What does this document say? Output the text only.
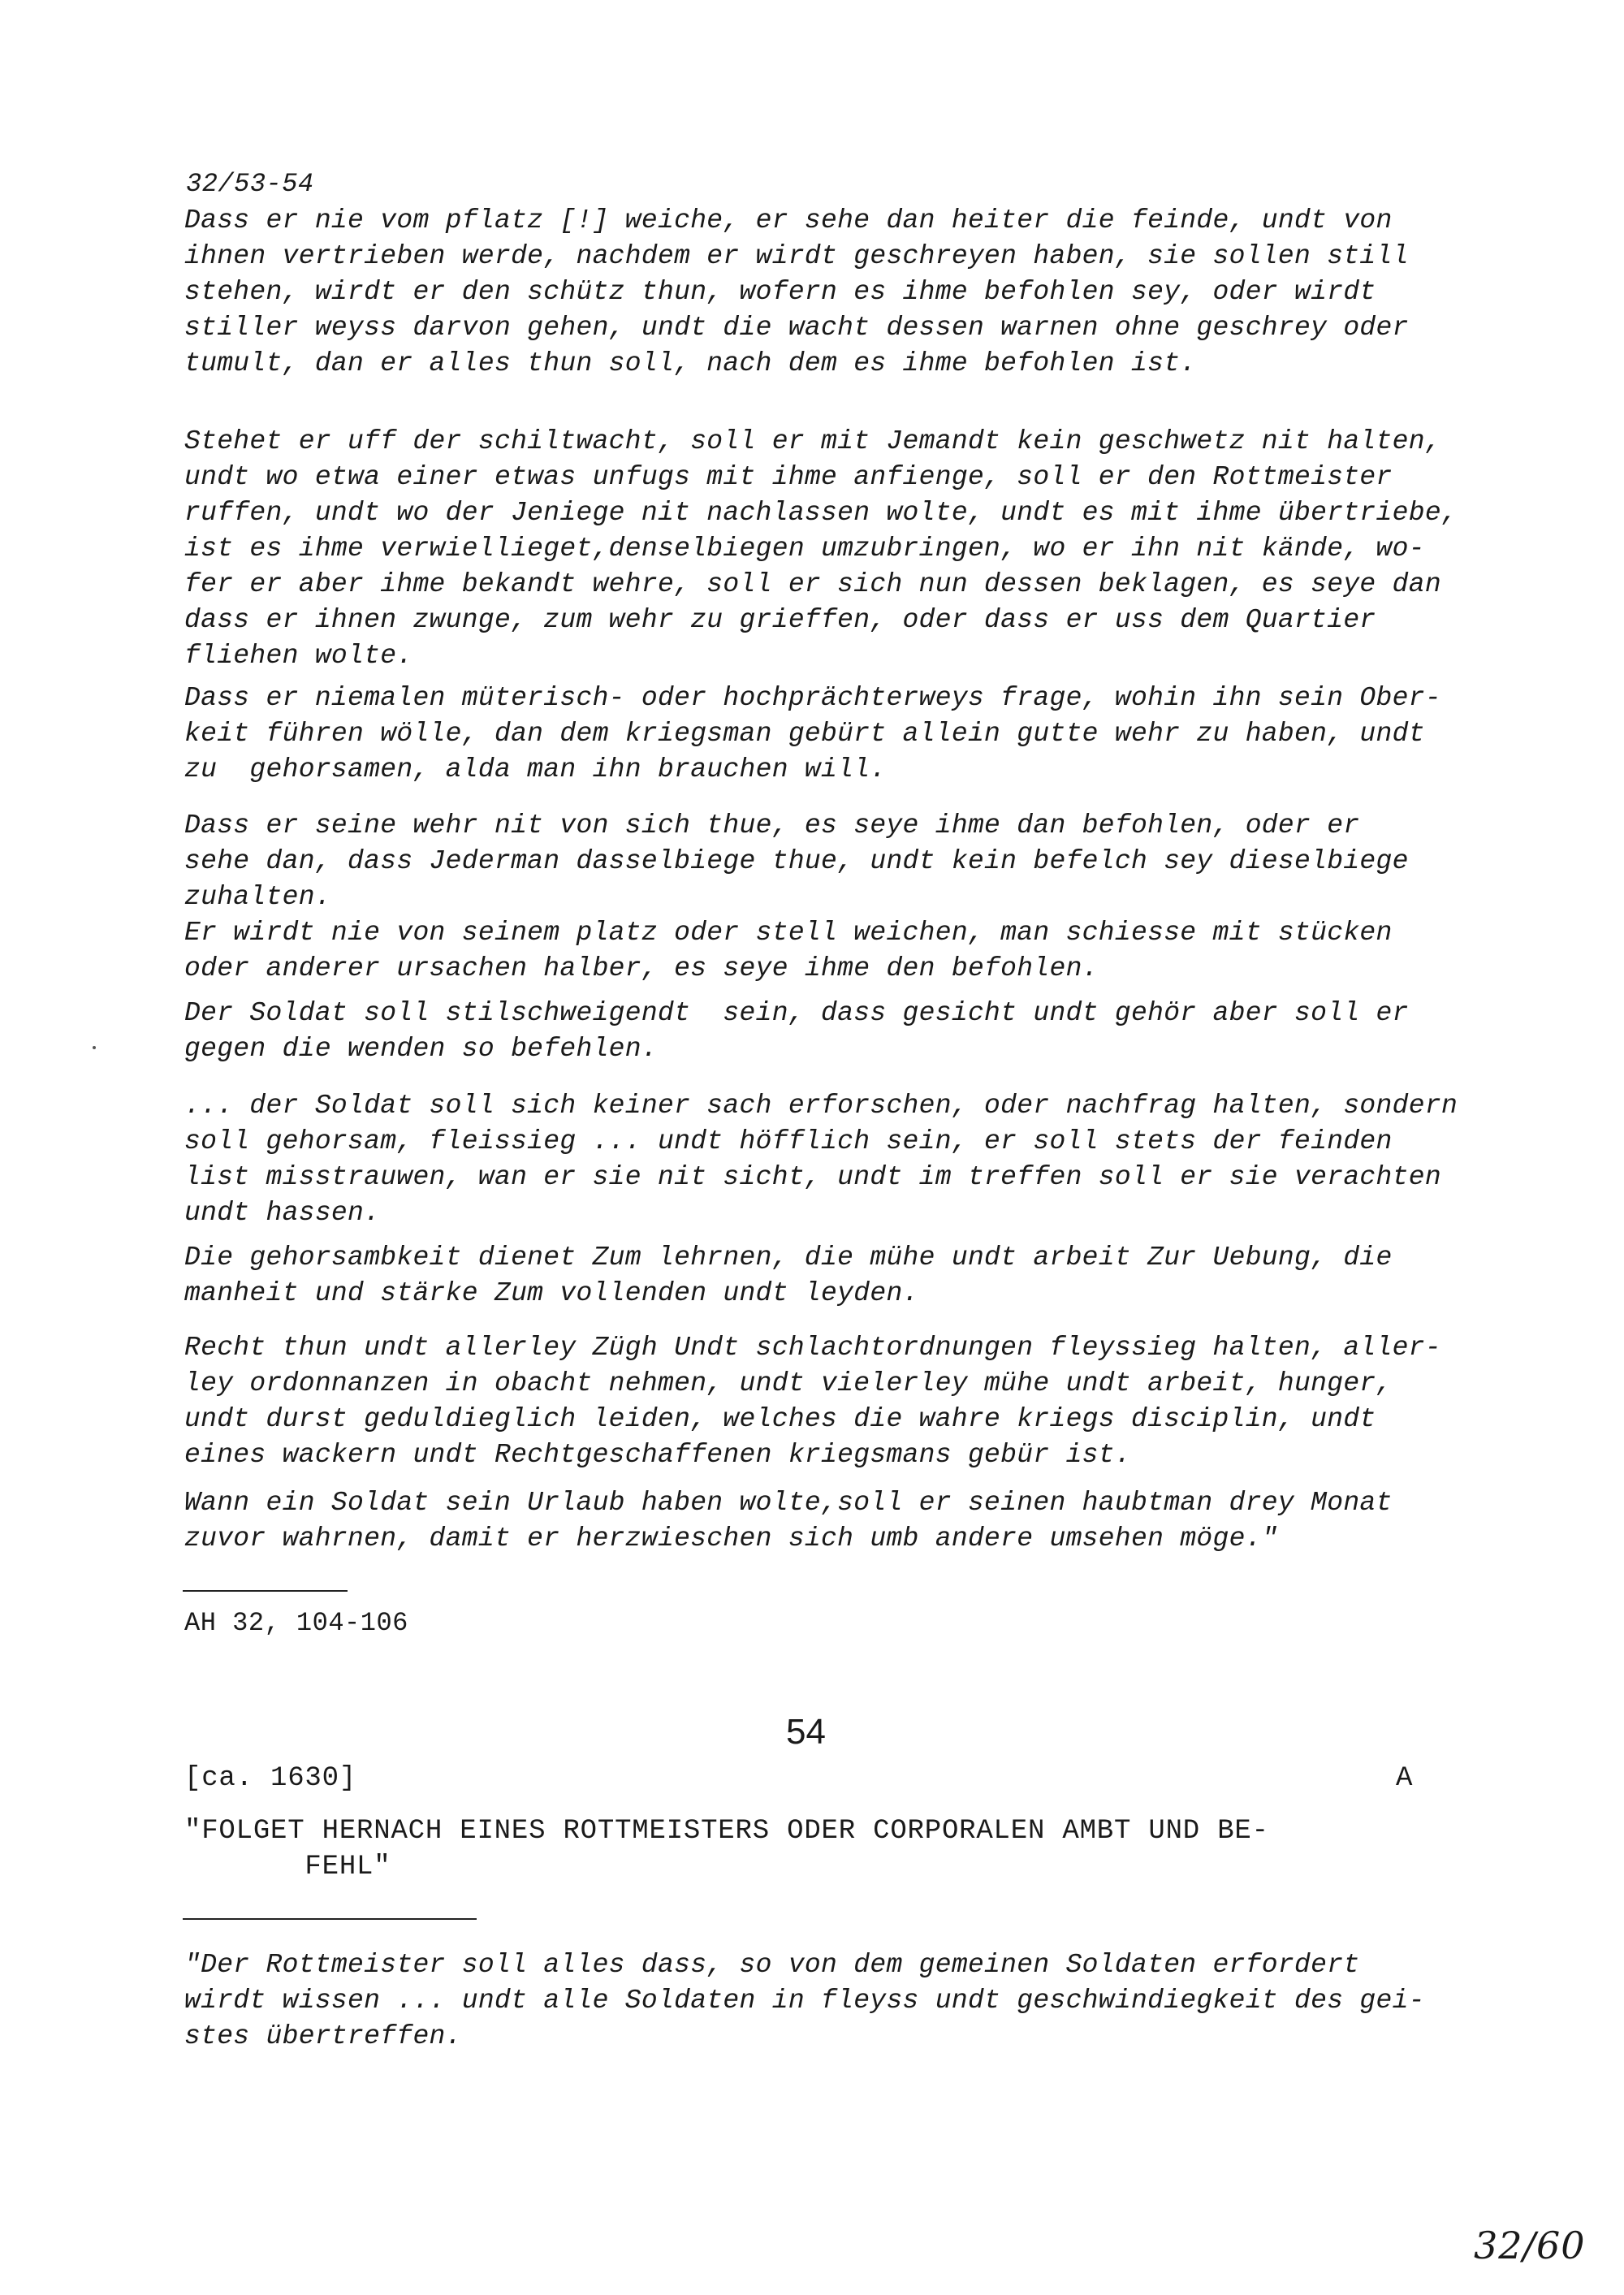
32/53-54
Dass er nie vom pflatz [!] weiche, er sehe dan heiter die feinde, undt von
ihnen vertrieben werde, nachdem er wirdt geschreyen haben, sie sollen still
stehen, wirdt er den schütz thun, wofern es ihme befohlen sey, oder wirdt
stiller weyss darvon gehen, undt die wacht dessen warnen ohne geschrey oder
tumult, dan er alles thun soll, nach dem es ihme befohlen ist.
Stehet er uff der schiltwacht, soll er mit Jemandt kein geschwetz nit halten,
undt wo etwa einer etwas unfugs mit ihme anfienge, soll er den Rottmeister
ruffen, undt wo der Jeniege nit nachlassen wolte, undt es mit ihme übertriebe,
ist es ihme verwiellieget,denselbiegen umzubringen, wo er ihn nit kände, wo-
fer er aber ihme bekandt wehre, soll er sich nun dessen beklagen, es seye dan
dass er ihnen zwunge, zum wehr zu grieffen, oder dass er uss dem Quartier
fliehen wolte.
Dass er niemalen müterisch- oder hochprächterweys frage, wohin ihn sein Ober-
keit führen wölle, dan dem kriegsman gebürt allein gutte wehr zu haben, undt
zu  gehorsamen, alda man ihn brauchen will.
Dass er seine wehr nit von sich thue, es seye ihme dan befohlen, oder er
sehe dan, dass Jederman dasselbiege thue, undt kein befelch sey dieselbiege
zuhalten.
Er wirdt nie von seinem platz oder stell weichen, man schiesse mit stücken
oder anderer ursachen halber, es seye ihme den befohlen.
Der Soldat soll stilschweigendt  sein, dass gesicht undt gehör aber soll er
gegen die wenden so befehlen.
... der Soldat soll sich keiner sach erforschen, oder nachfrag halten, sondern
soll gehorsam, fleissieg ... undt höfflich sein, er soll stets der feinden
list misstrauwen, wan er sie nit sicht, undt im treffen soll er sie verachten
undt hassen.
Die gehorsambkeit dienet Zum lehrnen, die mühe undt arbeit Zur Uebung, die
manheit und stärke Zum vollenden undt leyden.
Recht thun undt allerley Zügh Undt schlachtordnungen fleyssieg halten, aller-
ley ordonnanzen in obacht nehmen, undt vielerley mühe undt arbeit, hunger,
undt durst geduldieglich leiden, welches die wahre kriegs disciplin, undt
eines wackern undt Rechtgeschaffenen kriegsmans gebür ist.
Wann ein Soldat sein Urlaub haben wolte,soll er seinen haubtman drey Monat
zuvor wahrnen, damit er herzwieschen sich umb andere umsehen möge."
AH 32, 104-106
54
[ca. 1630]	A
"FOLGET HERNACH EINES ROTTMEISTERS ODER CORPORALEN AMBT UND BE-
FEHL"
"Der Rottmeister soll alles dass, so von dem gemeinen Soldaten erfordert
wirdt wissen ... undt alle Soldaten in fleyss undt geschwindiegkeit des gei-
stes übertreffen.
32/60
